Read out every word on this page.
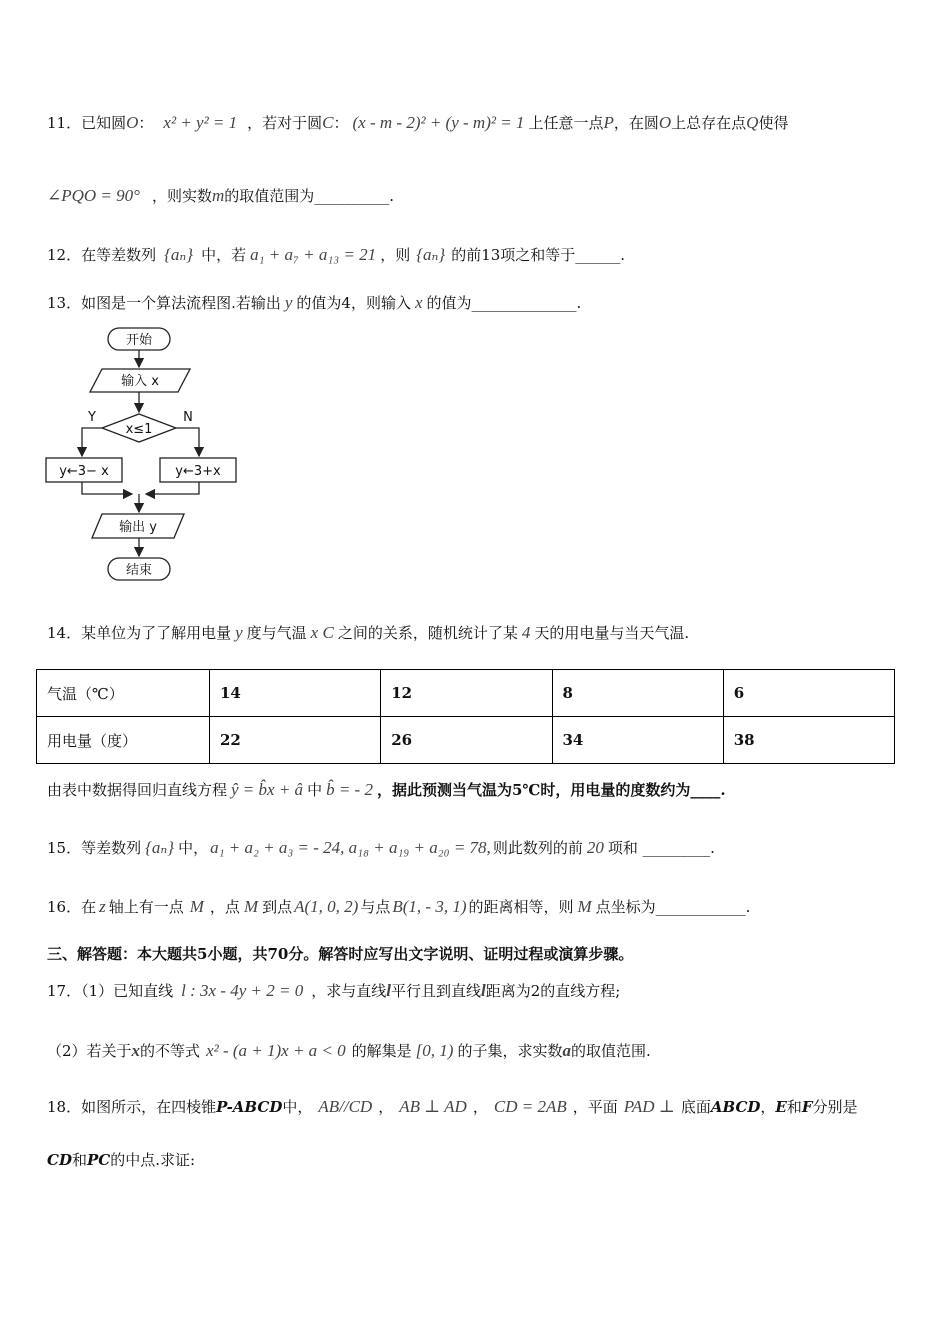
11．已知圆O： x² + y² = 1 ，若对于圆C： (x - m - 2)² + (y - m)² = 1 上任意一点P，在圆O上总存在点Q使得
∠PQO = 90° ，则实数m的取值范围为__________.
12．在等差数列 {aₙ} 中，若 a₁ + a₇ + a₁₃ = 21 ，则 {aₙ} 的前13项之和等于______.
13．如图是一个算法流程图.若输出 y 的值为4，则输入 x 的值为______________.
开始
输入 x
x≤1
Y	N
y←3− x	y←3+x
输出 y
结束
14．某单位为了了解用电量 y 度与气温 x C 之间的关系，随机统计了某 4 天的用电量与当天气温.
气温（℃）	14	12	8	6
用电量（度）	22	26	34	38
由表中数据得回归直线方程 ŷ = b̂x + â 中 b̂ = - 2 ，据此预测当气温为5℃时，用电量的度数约为____.
15．等差数列 {aₙ} 中， a₁ + a₂ + a₃ = - 24, a₁₈ + a₁₉ + a₂₀ = 78, 则此数列的前 20 项和 _________.
16．在 z 轴上有一点 M ，点 M 到点 A(1, 0, 2) 与点 B(1, - 3, 1) 的距离相等，则 M 点坐标为____________.
三、解答题：本大题共5小题，共70分。解答时应写出文字说明、证明过程或演算步骤。
17．（1）已知直线 l : 3x - 4y + 2 = 0 ，求与直线l平行且到直线l距离为2的直线方程;
（2）若关于x的不等式 x² - (a + 1)x + a < 0 的解集是 [0, 1) 的子集，求实数a的取值范围.
18．如图所示，在四棱锥P-ABCD中， AB//CD ， AB ⊥ AD ， CD = 2AB ，平面 PAD ⊥ 底面ABCD，E和F分别是
CD和PC的中点.求证:
